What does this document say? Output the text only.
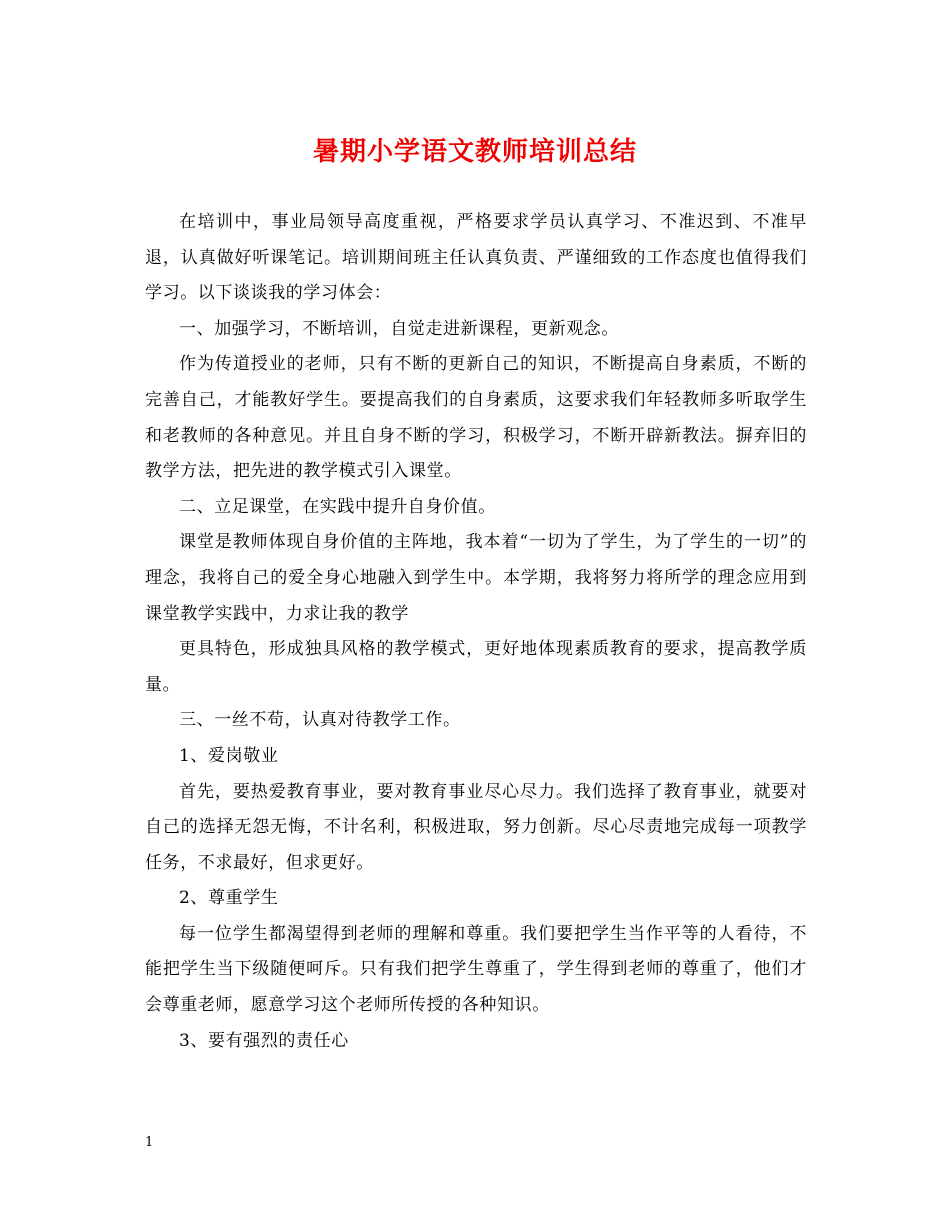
暑期小学语文教师培训总结

在培训中，事业局领导高度重视，严格要求学员认真学习、不准迟到、不准早退，认真做好听课笔记。培训期间班主任认真负责、严谨细致的工作态度也值得我们学习。以下谈谈我的学习体会：

一、加强学习，不断培训，自觉走进新课程，更新观念。

作为传道授业的老师，只有不断的更新自己的知识，不断提高自身素质，不断的完善自己，才能教好学生。要提高我们的自身素质，这要求我们年轻教师多听取学生和老教师的各种意见。并且自身不断的学习，积极学习，不断开辟新教法。摒弃旧的教学方法，把先进的教学模式引入课堂。

二、立足课堂，在实践中提升自身价值。

课堂是教师体现自身价值的主阵地，我本着“一切为了学生，为了学生的一切”的理念，我将自己的爱全身心地融入到学生中。本学期，我将努力将所学的理念应用到课堂教学实践中，力求让我的教学

更具特色，形成独具风格的教学模式，更好地体现素质教育的要求，提高教学质量。

三、一丝不苟，认真对待教学工作。

1、爱岗敬业

首先，要热爱教育事业，要对教育事业尽心尽力。我们选择了教育事业，就要对自己的选择无怨无悔，不计名利，积极进取，努力创新。尽心尽责地完成每一项教学任务，不求最好，但求更好。

2、尊重学生

每一位学生都渴望得到老师的理解和尊重。我们要把学生当作平等的人看待，不能把学生当下级随便呵斥。只有我们把学生尊重了，学生得到老师的尊重了，他们才会尊重老师，愿意学习这个老师所传授的各种知识。

3、要有强烈的责任心

1
